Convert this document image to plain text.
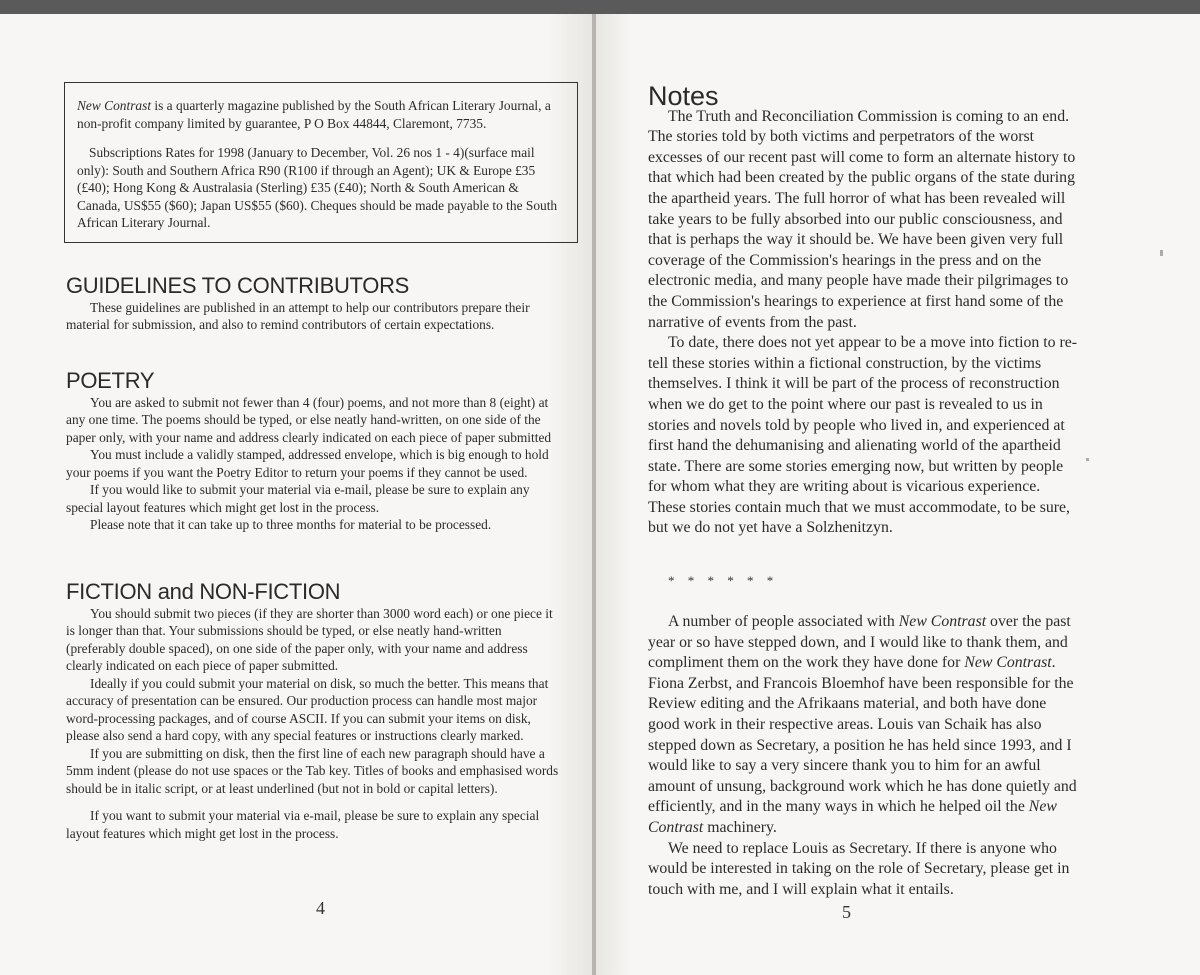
New Contrast is a quarterly magazine published by the South African Literary Journal, a non-profit company limited by guarantee, P O Box 44844, Claremont, 7735.

Subscriptions Rates for 1998 (January to December, Vol. 26 nos 1 - 4)(surface mail only): South and Southern Africa R90 (R100 if through an Agent); UK & Europe £35 (£40); Hong Kong & Australasia (Sterling) £35 (£40); North & South American & Canada, US$55 ($60); Japan US$55 ($60). Cheques should be made payable to the South African Literary Journal.

GUIDELINES TO CONTRIBUTORS

These guidelines are published in an attempt to help our contributors prepare their material for submission, and also to remind contributors of certain expectations.

POETRY

You are asked to submit not fewer than 4 (four) poems, and not more than 8 (eight) at any one time. The poems should be typed, or else neatly hand-written, on one side of the paper only, with your name and address clearly indicated on each piece of paper submitted

You must include a validly stamped, addressed envelope, which is big enough to hold your poems if you want the Poetry Editor to return your poems if they cannot be used.

If you would like to submit your material via e-mail, please be sure to explain any special layout features which might get lost in the process.

Please note that it can take up to three months for material to be processed.

FICTION and NON-FICTION

You should submit two pieces (if they are shorter than 3000 word each) or one piece it is longer than that. Your submissions should be typed, or else neatly hand-written (preferably double spaced), on one side of the paper only, with your name and address clearly indicated on each piece of paper submitted.

Ideally if you could submit your material on disk, so much the better. This means that accuracy of presentation can be ensured. Our production process can handle most major word-processing packages, and of course ASCII. If you can submit your items on disk, please also send a hard copy, with any special features or instructions clearly marked.

If you are submitting on disk, then the first line of each new paragraph should have a 5mm indent (please do not use spaces or the Tab key. Titles of books and emphasised words should be in italic script, or at least underlined (but not in bold or capital letters).

If you want to submit your material via e-mail, please be sure to explain any special layout features which might get lost in the process.

4
Notes

The Truth and Reconciliation Commission is coming to an end. The stories told by both victims and perpetrators of the worst excesses of our recent past will come to form an alternate history to that which had been created by the public organs of the state during the apartheid years. The full horror of what has been revealed will take years to be fully absorbed into our public consciousness, and that is perhaps the way it should be. We have been given very full coverage of the Commission's hearings in the press and on the electronic media, and many people have made their pilgrimages to the Commission's hearings to experience at first hand some of the narrative of events from the past.

To date, there does not yet appear to be a move into fiction to re-tell these stories within a fictional construction, by the victims themselves. I think it will be part of the process of reconstruction when we do get to the point where our past is revealed to us in stories and novels told by people who lived in, and experienced at first hand the dehumanising and alienating world of the apartheid state. There are some stories emerging now, but written by people for whom what they are writing about is vicarious experience. These stories contain much that we must accommodate, to be sure, but we do not yet have a Solzhenitzyn.

* * * * * *

A number of people associated with New Contrast over the past year or so have stepped down, and I would like to thank them, and compliment them on the work they have done for New Contrast. Fiona Zerbst, and Francois Bloemhof have been responsible for the Review editing and the Afrikaans material, and both have done good work in their respective areas. Louis van Schaik has also stepped down as Secretary, a position he has held since 1993, and I would like to say a very sincere thank you to him for an awful amount of unsung, background work which he has done quietly and efficiently, and in the many ways in which he helped oil the New Contrast machinery.

We need to replace Louis as Secretary. If there is anyone who would be interested in taking on the role of Secretary, please get in touch with me, and I will explain what it entails.

5
